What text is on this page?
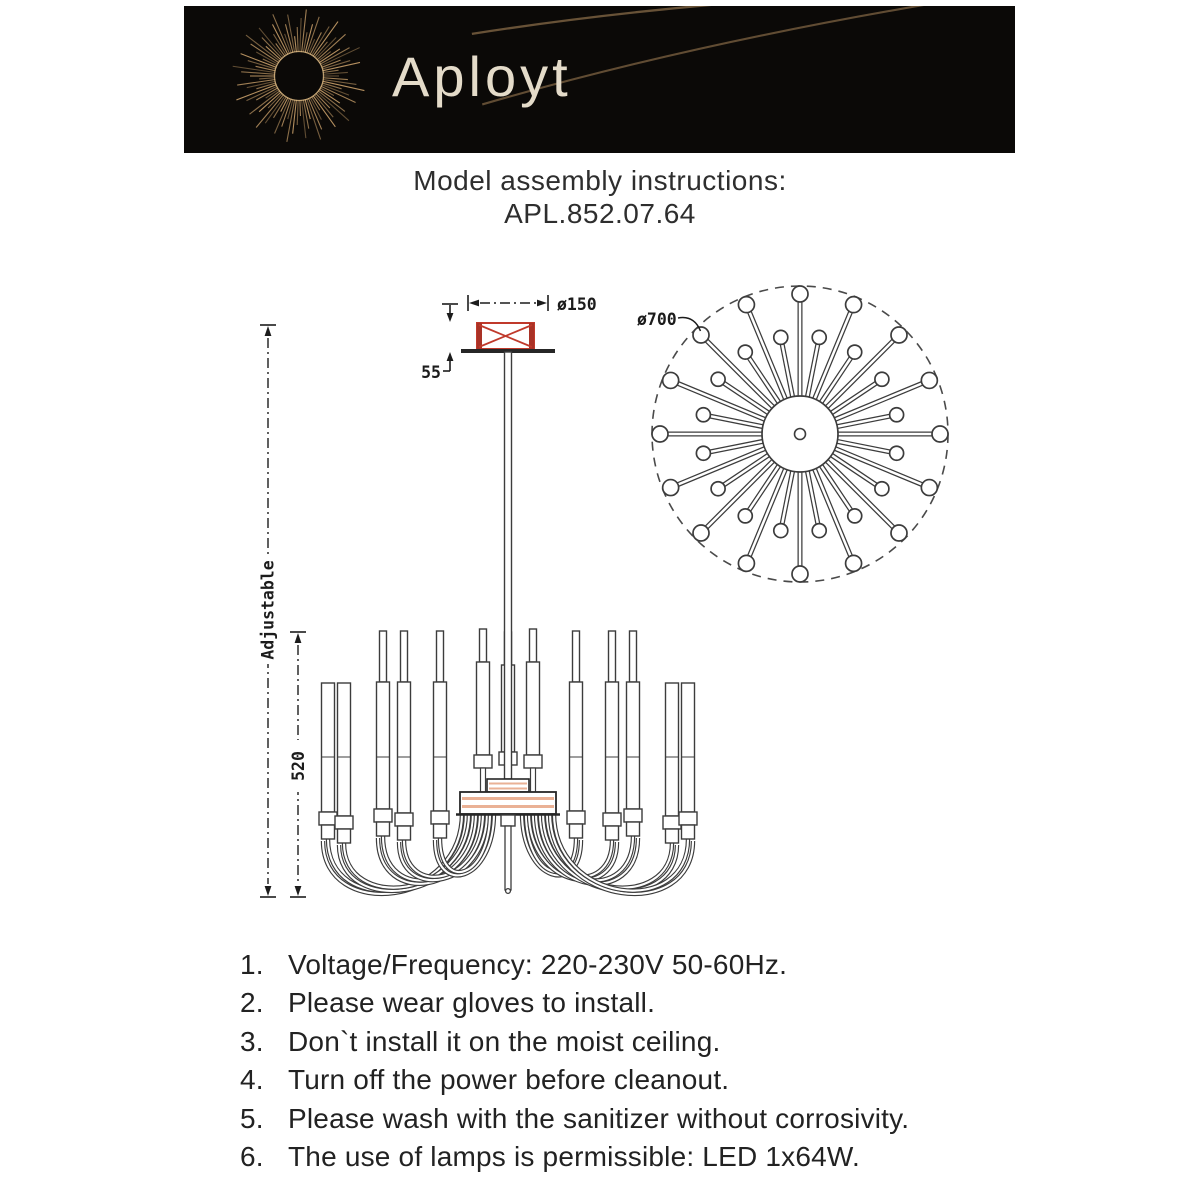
Aployt
Model assembly instructions:
APL.852.07.64
Adjustable
520
ø150
55
ø700
1. Voltage/Frequency: 220-230V 50-60Hz.
2. Please wear gloves to install.
3. Don`t install it on the moist ceiling.
4. Turn off the power before cleanout.
5. Please wash with the sanitizer without corrosivity.
6. The use of lamps is permissible: LED 1x64W.
